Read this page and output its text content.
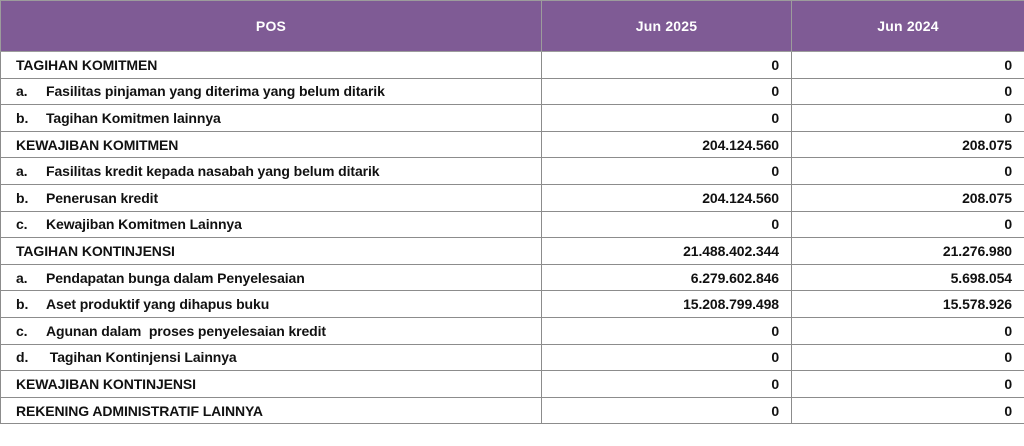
POS	Jun 2025	Jun 2024
TAGIHAN KOMITMEN	0	0
a. Fasilitas pinjaman yang diterima yang belum ditarik	0	0
b. Tagihan Komitmen lainnya	0	0
KEWAJIBAN KOMITMEN	204.124.560	208.075
a. Fasilitas kredit kepada nasabah yang belum ditarik	0	0
b. Penerusan kredit	204.124.560	208.075
c. Kewajiban Komitmen Lainnya	0	0
TAGIHAN KONTINJENSI	21.488.402.344	21.276.980
a. Pendapatan bunga dalam Penyelesaian	6.279.602.846	5.698.054
b. Aset produktif yang dihapus buku	15.208.799.498	15.578.926
c. Agunan dalam  proses penyelesaian kredit	0	0
d. Tagihan Kontinjensi Lainnya	0	0
KEWAJIBAN KONTINJENSI	0	0
REKENING ADMINISTRATIF LAINNYA	0	0
